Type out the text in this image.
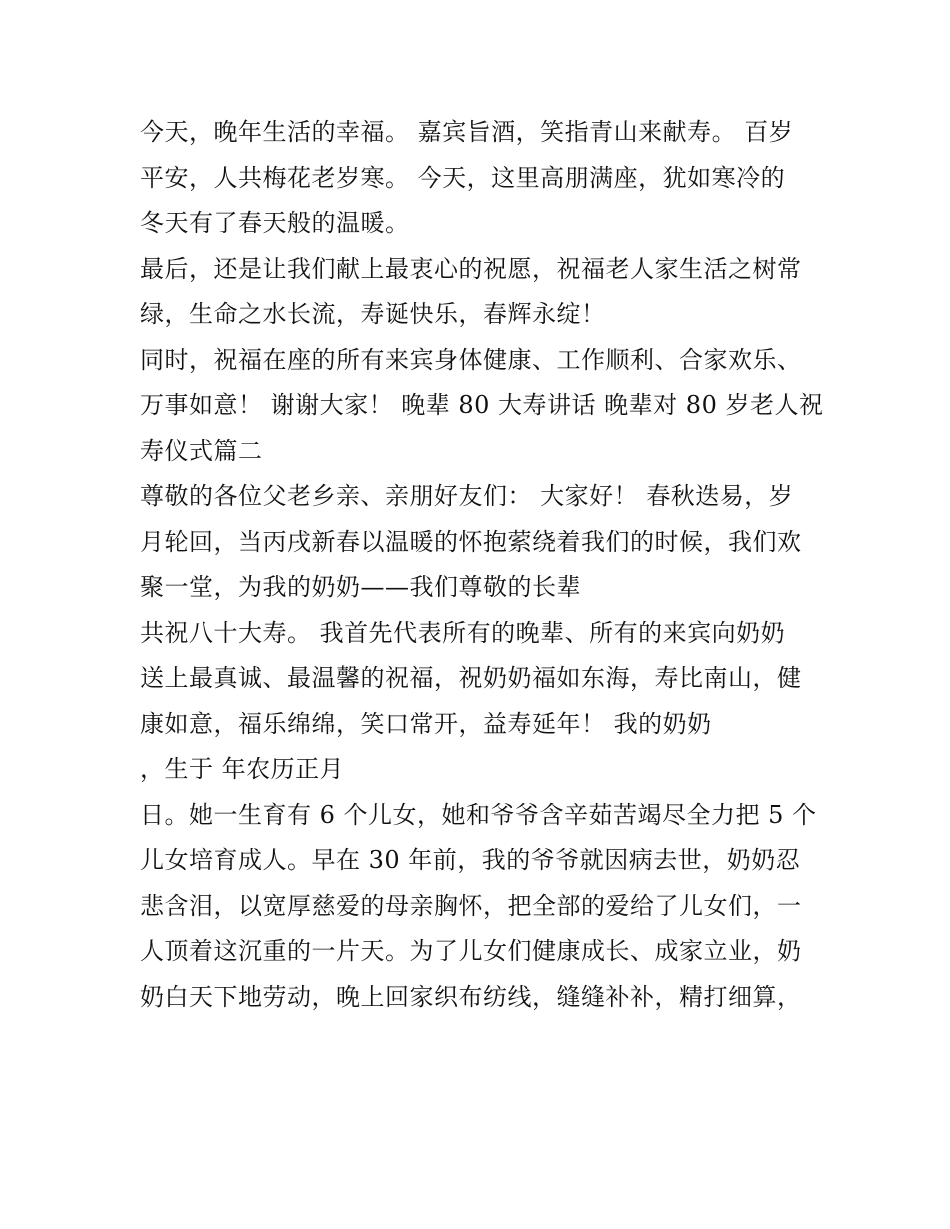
今天，晚年生活的幸福。 嘉宾旨酒，笑指青山来献寿。 百岁
平安，人共梅花老岁寒。 今天，这里高朋满座，犹如寒冷的
冬天有了春天般的温暖。
最后，还是让我们献上最衷心的祝愿，祝福老人家生活之树常
绿，生命之水长流，寿诞快乐，春辉永绽！
同时，祝福在座的所有来宾身体健康、工作顺利、合家欢乐、
万事如意！ 谢谢大家！ 晚辈 80 大寿讲话 晚辈对 80 岁老人祝
寿仪式篇二
尊敬的各位父老乡亲、亲朋好友们： 大家好！ 春秋迭易，岁
月轮回，当丙戌新春以温暖的怀抱萦绕着我们的时候，我们欢
聚一堂，为我的奶奶——我们尊敬的长辈
共祝八十大寿。 我首先代表所有的晚辈、所有的来宾向奶奶
送上最真诚、最温馨的祝福，祝奶奶福如东海，寿比南山，健
康如意，福乐绵绵，笑口常开，益寿延年！ 我的奶奶
，生于 年农历正月
日。她一生育有 6 个儿女，她和爷爷含辛茹苦竭尽全力把 5 个
儿女培育成人。早在 30 年前，我的爷爷就因病去世，奶奶忍
悲含泪，以宽厚慈爱的母亲胸怀，把全部的爱给了儿女们，一
人顶着这沉重的一片天。为了儿女们健康成长、成家立业，奶
奶白天下地劳动，晚上回家织布纺线，缝缝补补，精打细算，
